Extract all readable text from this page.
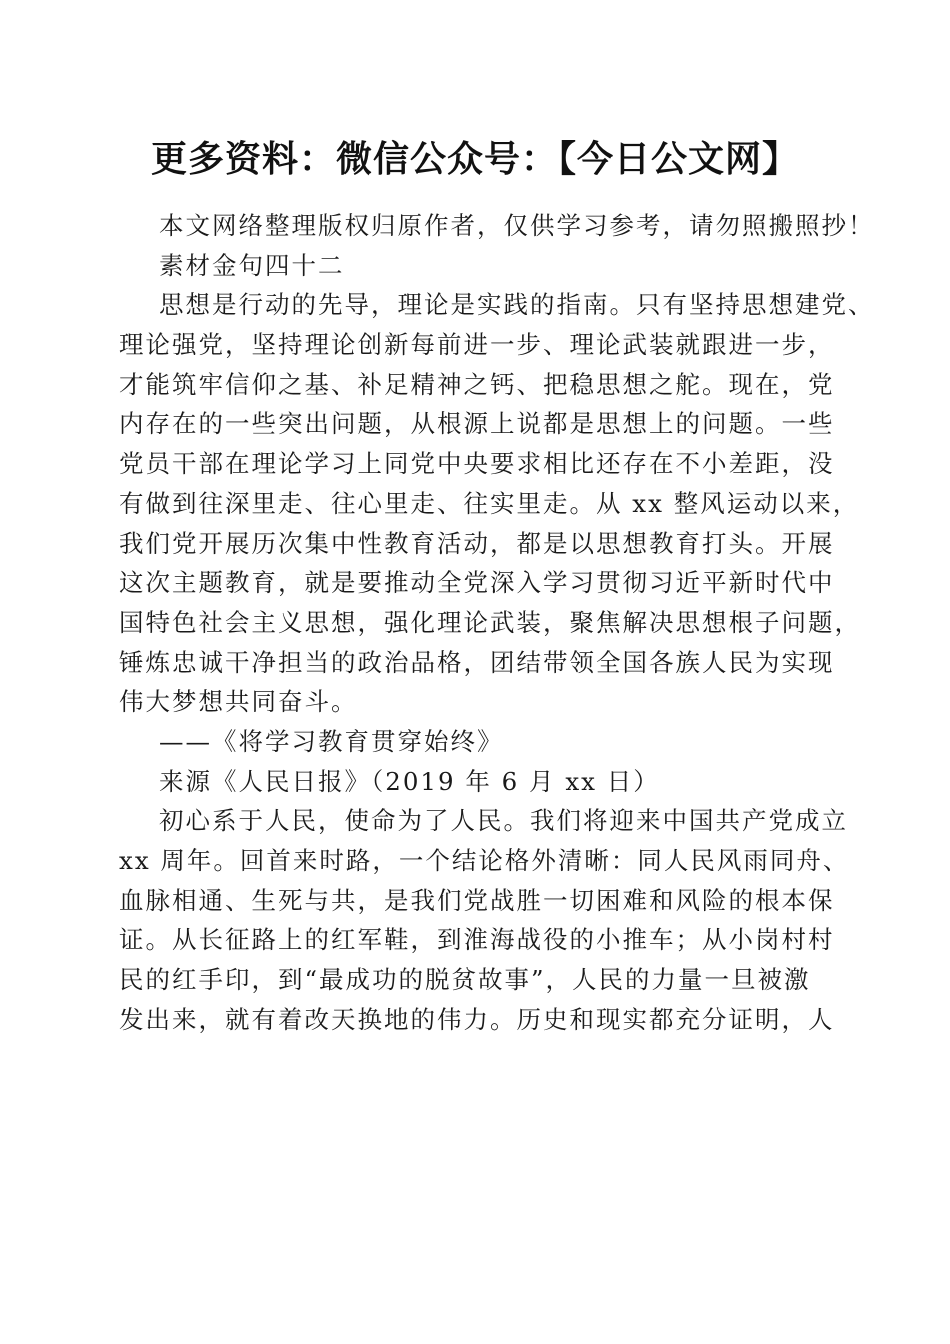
更多资料：微信公众号：【今日公文网】
本文网络整理版权归原作者，仅供学习参考，请勿照搬照抄！
素材金句四十二
思想是行动的先导，理论是实践的指南。只有坚持思想建党、
理论强党，坚持理论创新每前进一步、理论武装就跟进一步，
才能筑牢信仰之基、补足精神之钙、把稳思想之舵。现在，党
内存在的一些突出问题，从根源上说都是思想上的问题。一些
党员干部在理论学习上同党中央要求相比还存在不小差距，没
有做到往深里走、往心里走、往实里走。从 xx 整风运动以来，
我们党开展历次集中性教育活动，都是以思想教育打头。开展
这次主题教育，就是要推动全党深入学习贯彻习近平新时代中
国特色社会主义思想，强化理论武装，聚焦解决思想根子问题，
锤炼忠诚干净担当的政治品格，团结带领全国各族人民为实现
伟大梦想共同奋斗。
——《将学习教育贯穿始终》
来源《人民日报》（2019 年 6 月 xx 日）
初心系于人民，使命为了人民。我们将迎来中国共产党成立
xx 周年。回首来时路，一个结论格外清晰：同人民风雨同舟、
血脉相通、生死与共，是我们党战胜一切困难和风险的根本保
证。从长征路上的红军鞋，到淮海战役的小推车；从小岗村村
民的红手印，到“最成功的脱贫故事”，人民的力量一旦被激
发出来，就有着改天换地的伟力。历史和现实都充分证明，人
